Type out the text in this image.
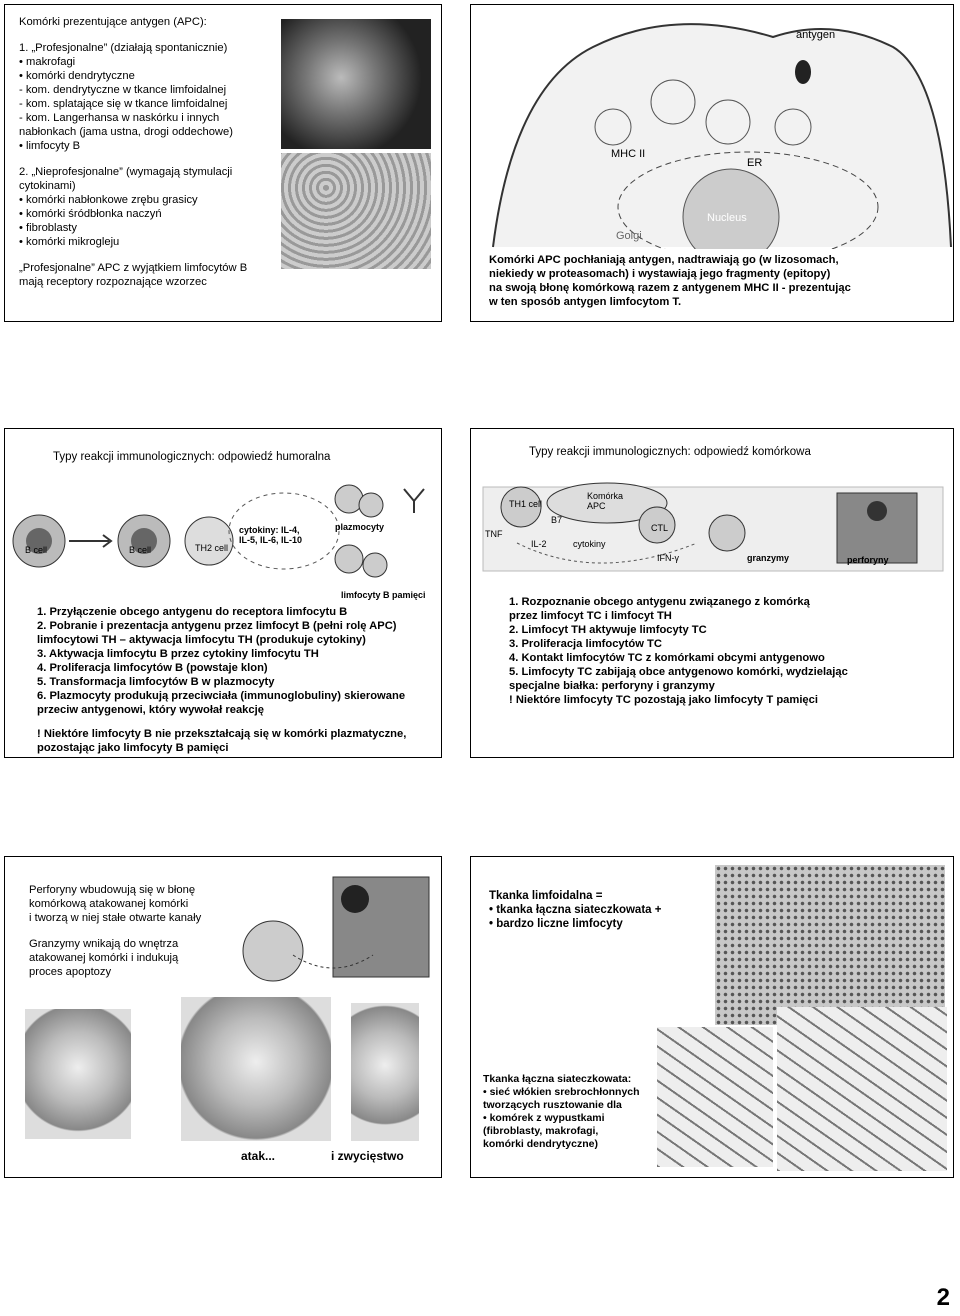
Komórki prezentujące antygen (APC):
1. „Profesjonalne” (działają spontanicznie)
• makrofagi
• komórki dendrytyczne
- kom. dendrytyczne w tkance limfoidalnej
- kom. splatające się w tkance limfoidalnej
- kom. Langerhansa w naskórku i innych
nabłonkach (jama ustna, drogi oddechowe)
• limfocyty B
2. „Nieprofesjonalne” (wymagają stymulacji
cytokinami)
• komórki nabłonkowe zrębu grasicy
• komórki śródbłonka naczyń
• fibroblasty
• komórki mikrogleju
„Profesjonalne” APC z wyjątkiem limfocytów B
mają receptory rozpoznające wzorzec
antygen
MHC II
ER
Nucleus
Golgi
Komórki APC pochłaniają antygen, nadtrawiają go (w lizosomach,
niekiedy w proteasomach) i wystawiają jego fragmenty (epitopy)
na swoją błonę komórkową razem z antygenem MHC II - prezentując
w ten sposób antygen limfocytom T.
Typy reakcji immunologicznych: odpowiedź humoralna
B cell	B cell	TH2 cell
cytokiny: IL-4,
IL-5, IL-6, IL-10
plazmocyty
limfocyty B pamięci
1. Przyłączenie obcego antygenu do receptora limfocytu B
2. Pobranie i prezentacja antygenu przez limfocyt B (pełni rolę APC)
limfocytowi TH – aktywacja limfocytu TH (produkuje cytokiny)
3. Aktywacja limfocytu B przez cytokiny limfocytu TH
4. Proliferacja limfocytów B (powstaje klon)
5. Transformacja limfocytów B w plazmocyty
6. Plazmocyty produkują przeciwciała (immunoglobuliny) skierowane
przeciw antygenowi, który wywołał reakcję
! Niektóre limfocyty B nie przekształcają się w komórki plazmatyczne,
pozostając jako limfocyty B pamięci
Typy reakcji immunologicznych: odpowiedź komórkowa
TH1 cell
Komórka
APC
B7
TNF
IL-2	cytokiny
CTL
IFN-γ	granzymy	perforyny
1. Rozpoznanie obcego antygenu związanego z komórką
przez limfocyt TC i limfocyt TH
2. Limfocyt TH aktywuje limfocyty TC
3. Proliferacja limfocytów TC
4. Kontakt limfocytów TC z komórkami obcymi antygenowo
5. Limfocyty TC zabijają obce antygenowo komórki, wydzielając
specjalne białka: perforyny i granzymy
! Niektóre limfocyty TC pozostają jako limfocyty T pamięci
Perforyny wbudowują się w błonę
komórkową atakowanej komórki
i tworzą w niej stałe otwarte kanały
Granzymy wnikają do wnętrza
atakowanej komórki i indukują
proces apoptozy
atak...	i zwycięstwo
Tkanka limfoidalna =
• tkanka łączna siateczkowata +
• bardzo liczne limfocyty
Tkanka łączna siateczkowata:
• sieć włókien srebrochłonnych
tworzących rusztowanie dla
• komórek z wypustkami
(fibroblasty, makrofagi,
komórki dendrytyczne)
2
